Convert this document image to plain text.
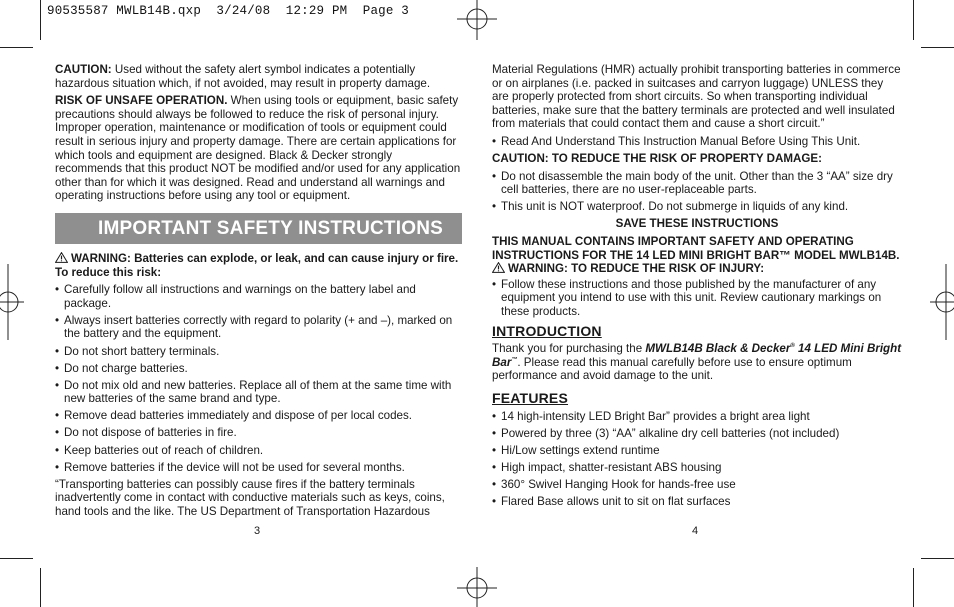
90535587 MWLB14B.qxp  3/24/08  12:29 PM  Page 3

CAUTION: Used without the safety alert symbol indicates a potentially hazardous situation which, if not avoided, may result in property damage.

RISK OF UNSAFE OPERATION. When using tools or equipment, basic safety precautions should always be followed to reduce the risk of personal injury. Improper operation, maintenance or modification of tools or equipment could result in serious injury and property damage. There are certain applications for which tools and equipment are designed. Black & Decker strongly recommends that this product NOT be modified and/or used for any application other than for which it was designed. Read and understand all warnings and operating instructions before using any tool or equipment.

IMPORTANT SAFETY INSTRUCTIONS

WARNING: Batteries can explode, or leak, and can cause injury or fire. To reduce this risk:

• Carefully follow all instructions and warnings on the battery label and package.
• Always insert batteries correctly with regard to polarity (+ and –), marked on the battery and the equipment.
• Do not short battery terminals.
• Do not charge batteries.
• Do not mix old and new batteries. Replace all of them at the same time with new batteries of the same brand and type.
• Remove dead batteries immediately and dispose of per local codes.
• Do not dispose of batteries in fire.
• Keep batteries out of reach of children.
• Remove batteries if the device will not be used for several months.

“Transporting batteries can possibly cause fires if the battery terminals inadvertently come in contact with conductive materials such as keys, coins, hand tools and the like. The US Department of Transportation Hazardous

3

Material Regulations (HMR) actually prohibit transporting batteries in commerce or on airplanes (i.e. packed in suitcases and carryon luggage) UNLESS they are properly protected from short circuits. So when transporting individual batteries, make sure that the battery terminals are protected and well insulated from materials that could contact them and cause a short circuit.”

• Read And Understand This Instruction Manual Before Using This Unit.

CAUTION: TO REDUCE THE RISK OF PROPERTY DAMAGE:

• Do not disassemble the main body of the unit. Other than the 3 “AA” size dry cell batteries, there are no user-replaceable parts.
• This unit is NOT waterproof. Do not submerge in liquids of any kind.

SAVE THESE INSTRUCTIONS

THIS MANUAL CONTAINS IMPORTANT SAFETY AND OPERATING INSTRUCTIONS FOR THE 14 LED MINI BRIGHT BAR™ MODEL MWLB14B.
WARNING: TO REDUCE THE RISK OF INJURY:

• Follow these instructions and those published by the manufacturer of any equipment you intend to use with this unit. Review cautionary markings on these products.
INTRODUCTION

Thank you for purchasing the MWLB14B Black & Decker® 14 LED Mini Bright Bar™. Please read this manual carefully before use to ensure optimum performance and avoid damage to the unit.

FEATURES
• 14 high-intensity LED Bright Bar” provides a bright area light
• Powered by three (3) “AA” alkaline dry cell batteries (not included)
• Hi/Low settings extend runtime
• High impact, shatter-resistant ABS housing
• 360° Swivel Hanging Hook for hands-free use
• Flared Base allows unit to sit on flat surfaces
4
